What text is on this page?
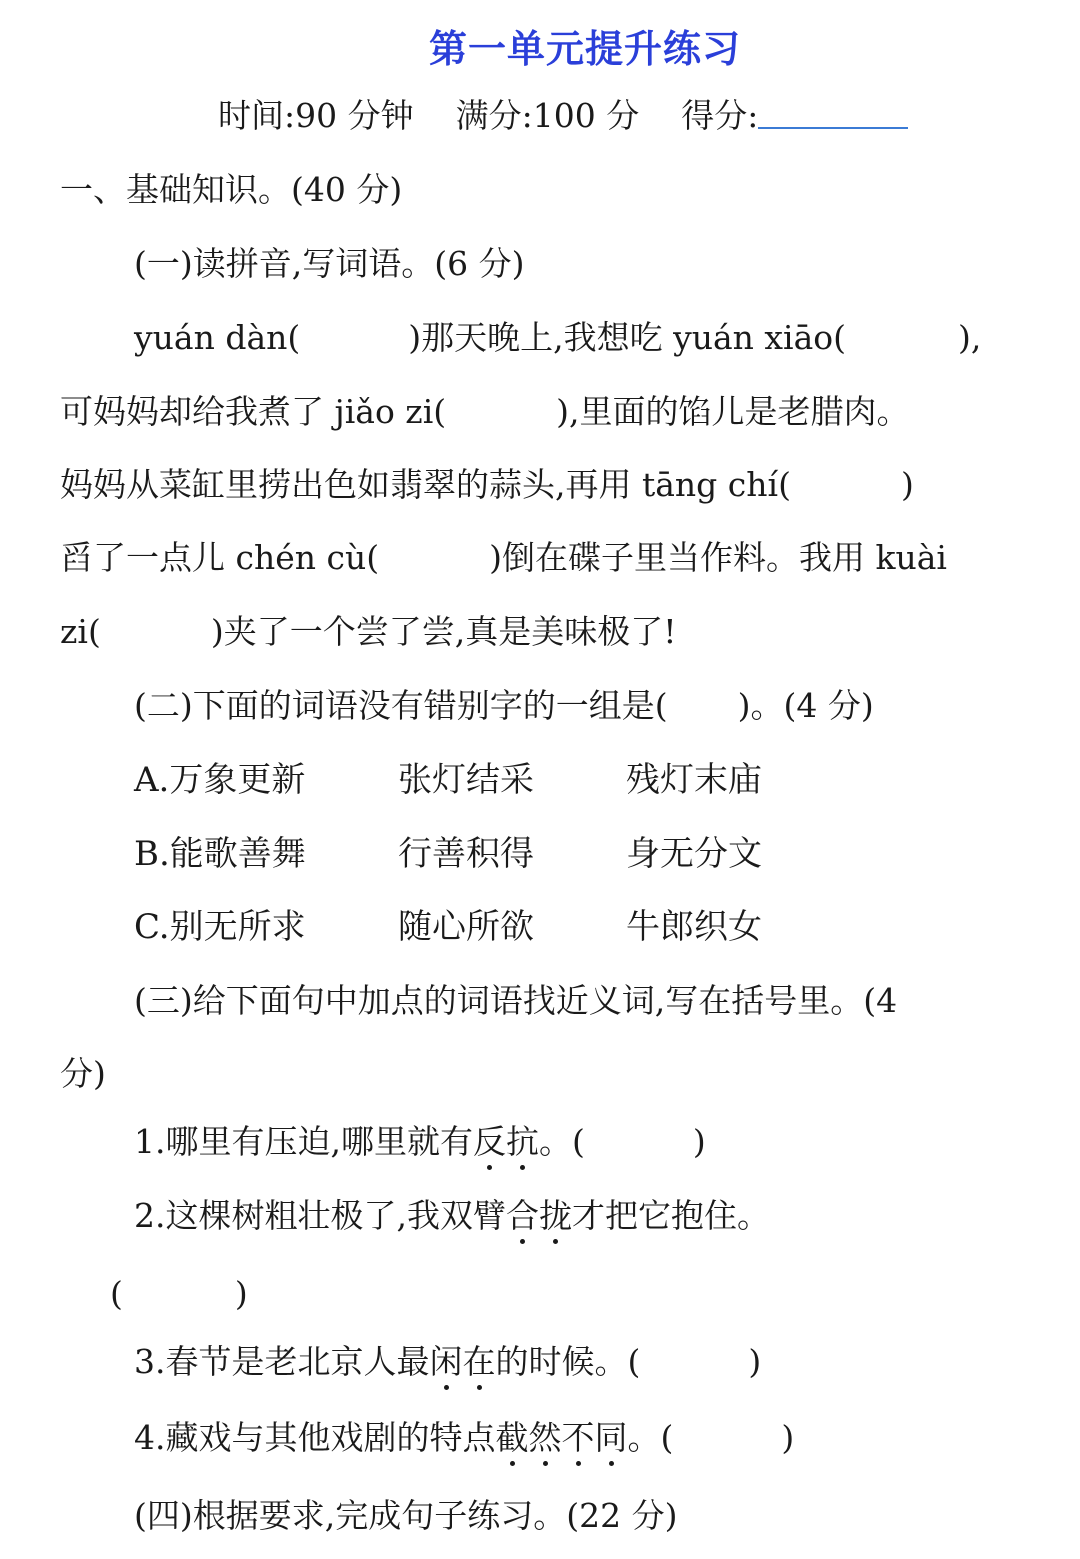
第一单元提升练习
时间:90 分钟 满分:100 分 得分:
一、基础知识。(40 分)
(一)读拼音,写词语。(6 分)
yuán dàn(	)那天晚上,我想吃 yuán xiāo(	),
可妈妈却给我煮了 jiǎo zi(	),里面的馅儿是老腊肉。
妈妈从菜缸里捞出色如翡翠的蒜头,再用 tāng chí(	)
舀了一点儿 chén cù(	)倒在碟子里当作料。我用 kuài
zi(	)夹了一个尝了尝,真是美味极了!
(二)下面的词语没有错别字的一组是( )。(4 分)
A.万象更新	张灯结采	残灯末庙
B.能歌善舞	行善积得	身无分文
C.别无所求	随心所欲	牛郎织女
(三)给下面句中加点的词语找近义词,写在括号里。(4
分)
1.哪里有压迫,哪里就有反抗。(	)
2.这棵树粗壮极了,我双臂合拢才把它抱住。
(	)
3.春节是老北京人最闲在的时候。(	)
4.藏戏与其他戏剧的特点截然不同。(	)
(四)根据要求,完成句子练习。(22 分)
